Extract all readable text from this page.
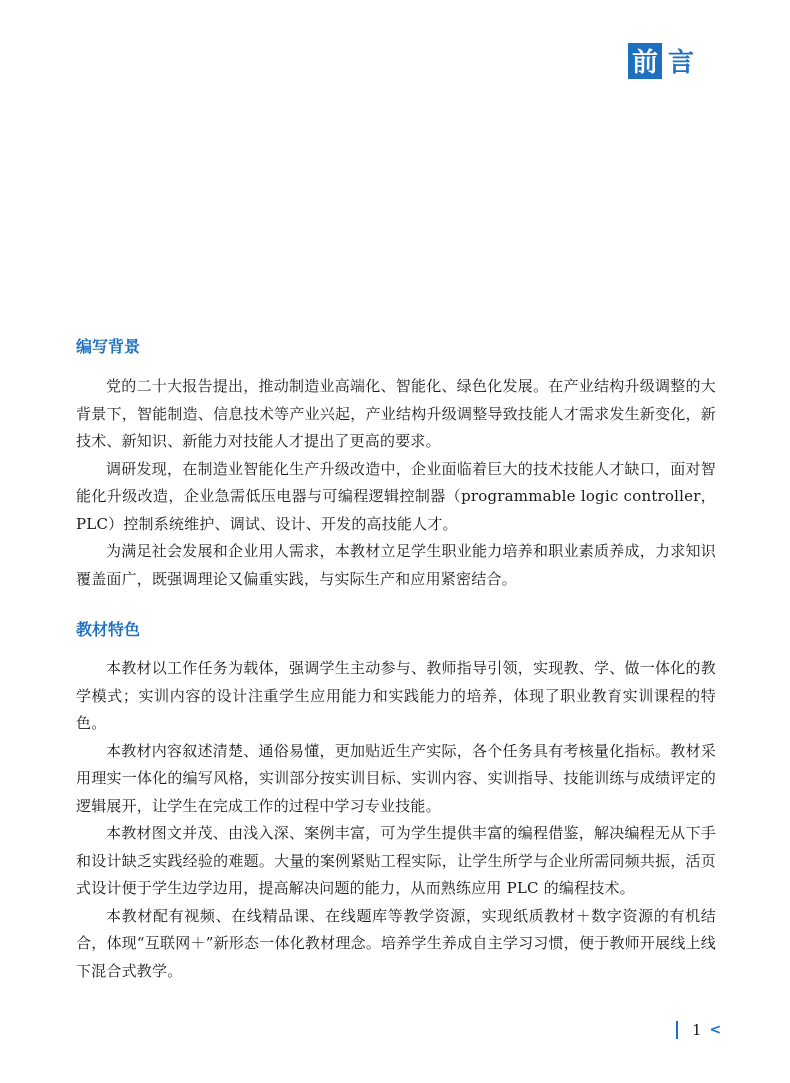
前 言
编写背景

党的二十大报告提出，推动制造业高端化、智能化、绿色化发展。在产业结构升级调整的大背景下，智能制造、信息技术等产业兴起，产业结构升级调整导致技能人才需求发生新变化，新技术、新知识、新能力对技能人才提出了更高的要求。

调研发现，在制造业智能化生产升级改造中，企业面临着巨大的技术技能人才缺口，面对智能化升级改造，企业急需低压电器与可编程逻辑控制器（programmable logic controller，PLC）控制系统维护、调试、设计、开发的高技能人才。

为满足社会发展和企业用人需求，本教材立足学生职业能力培养和职业素质养成，力求知识覆盖面广，既强调理论又偏重实践，与实际生产和应用紧密结合。

教材特色

本教材以工作任务为载体，强调学生主动参与、教师指导引领，实现教、学、做一体化的教学模式；实训内容的设计注重学生应用能力和实践能力的培养，体现了职业教育实训课程的特色。

本教材内容叙述清楚、通俗易懂，更加贴近生产实际，各个任务具有考核量化指标。教材采用理实一体化的编写风格，实训部分按实训目标、实训内容、实训指导、技能训练与成绩评定的逻辑展开，让学生在完成工作的过程中学习专业技能。

本教材图文并茂、由浅入深、案例丰富，可为学生提供丰富的编程借鉴，解决编程无从下手和设计缺乏实践经验的难题。大量的案例紧贴工程实际，让学生所学与企业所需同频共振，活页式设计便于学生边学边用，提高解决问题的能力，从而熟练应用 PLC 的编程技术。

本教材配有视频、在线精品课、在线题库等教学资源，实现纸质教材＋数字资源的有机结合，体现“互联网＋”新形态一体化教材理念。培养学生养成自主学习习惯，便于教师开展线上线下混合式教学。

1 <
